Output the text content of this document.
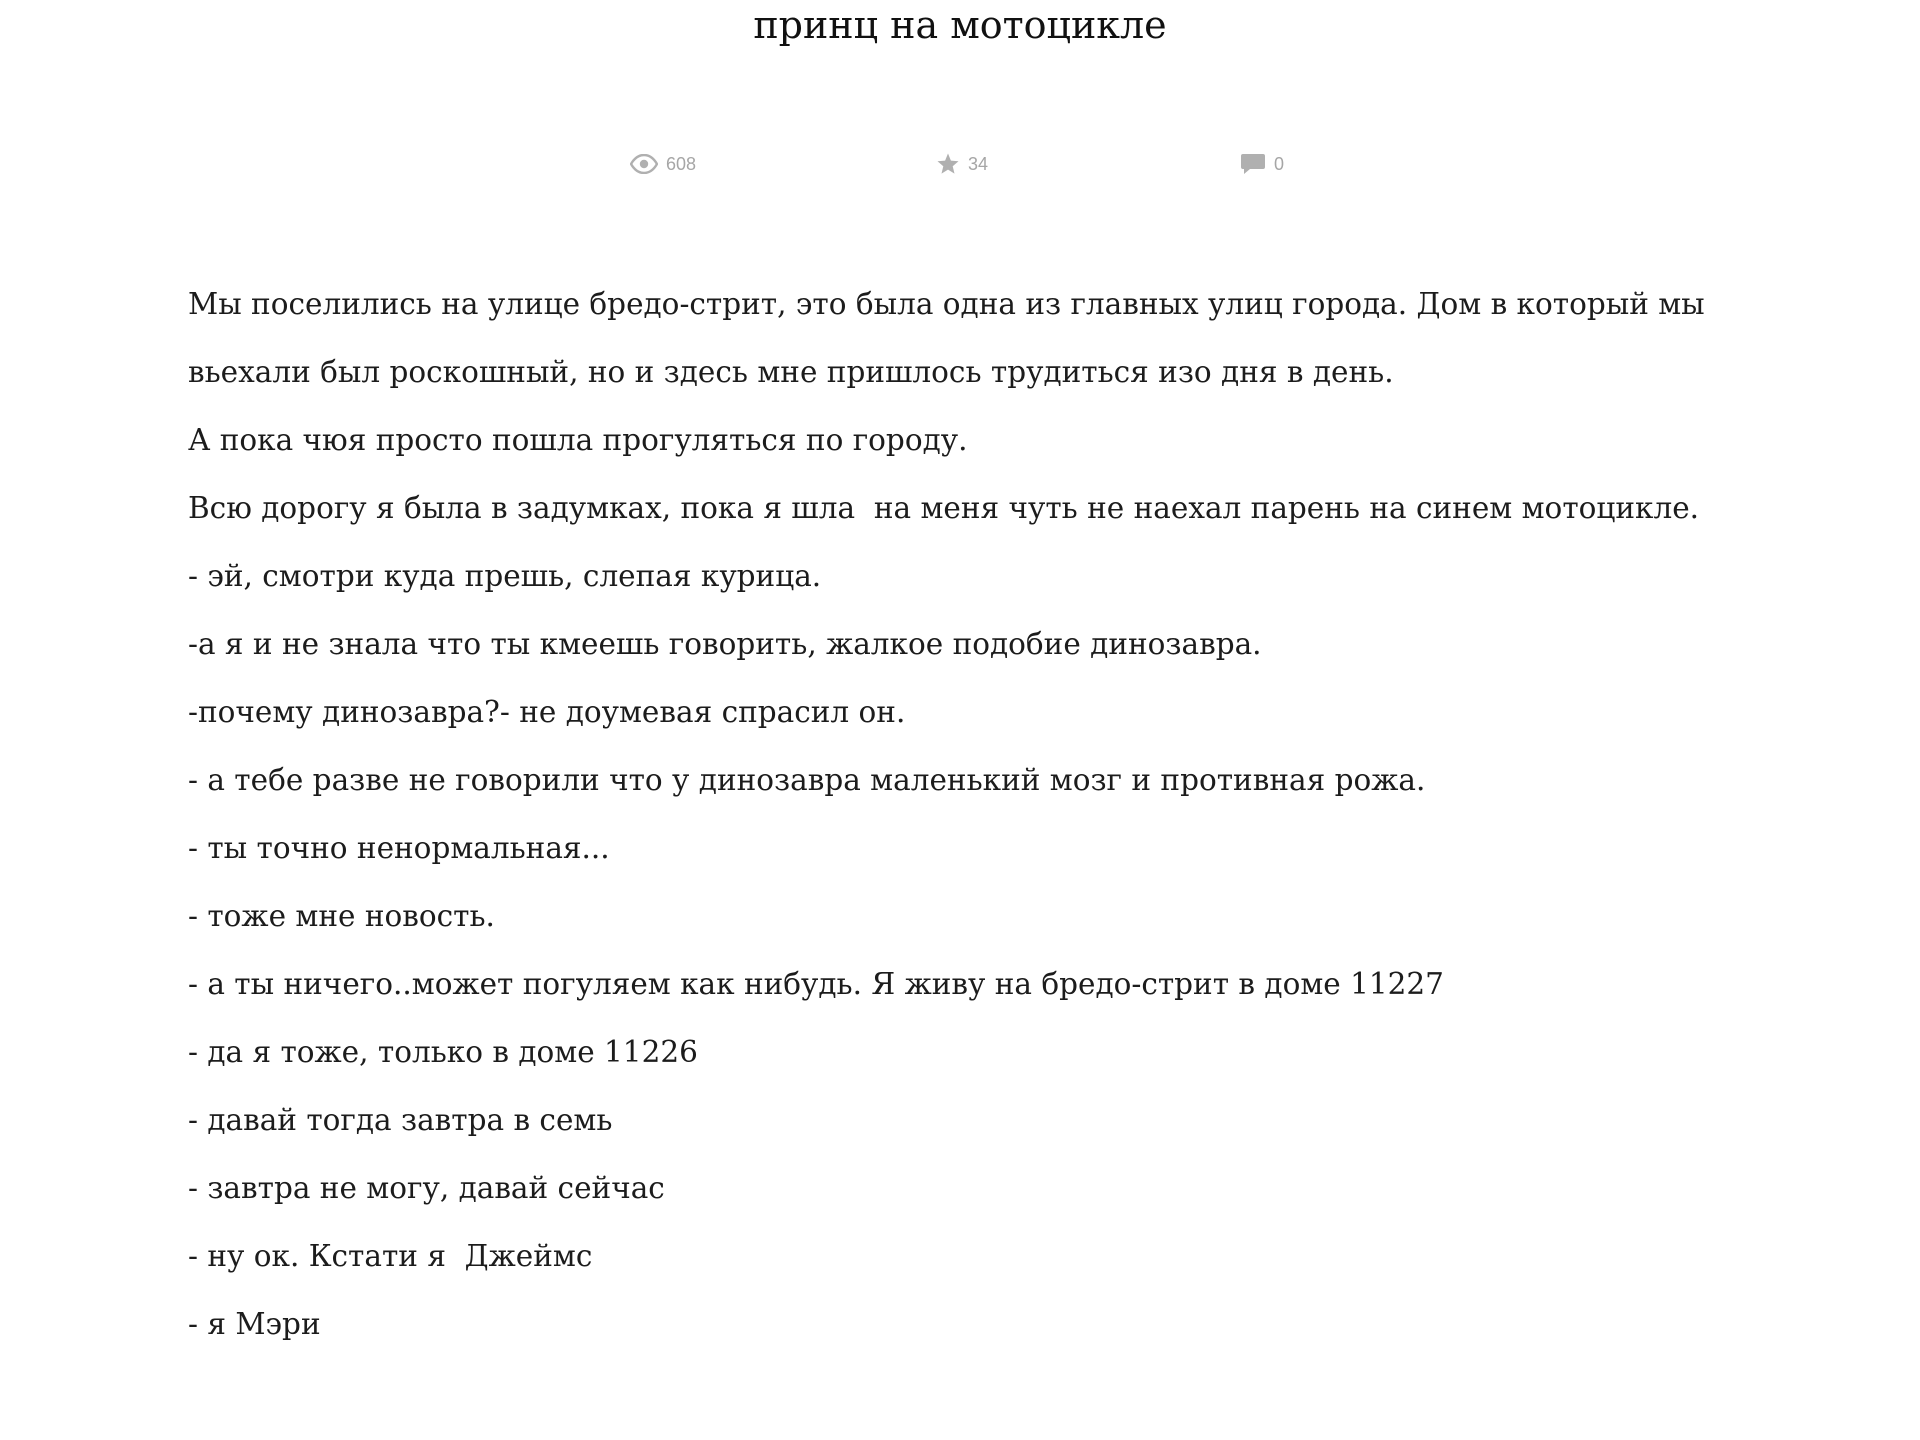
принц на мотоцикле
608	34	0

Мы поселились на улице бредо-стрит, это была одна из главных улиц города. Дом в который мы вьехали был роскошный, но и здесь мне пришлось трудиться изо дня в день.

А пока чюя просто пошла прогуляться по городу.

Всю дорогу я была в задумках, пока я шла  на меня чуть не наехал парень на синем мотоцикле.

- эй, смотри куда прешь, слепая курица.

-а я и не знала что ты кмеешь говорить, жалкое подобие динозавра.

-почему динозавра?- не доумевая спрасил он.

- а тебе разве не говорили что у динозавра маленький мозг и противная рожа.

- ты точно ненормальная...

- тоже мне новость.

- а ты ничего..может погуляем как нибудь. Я живу на бредо-стрит в доме 11227

- да я тоже, только в доме 11226

- давай тогда завтра в семь

- завтра не могу, давай сейчас

- ну ок. Кстати я  Джеймс

- я Мэри
